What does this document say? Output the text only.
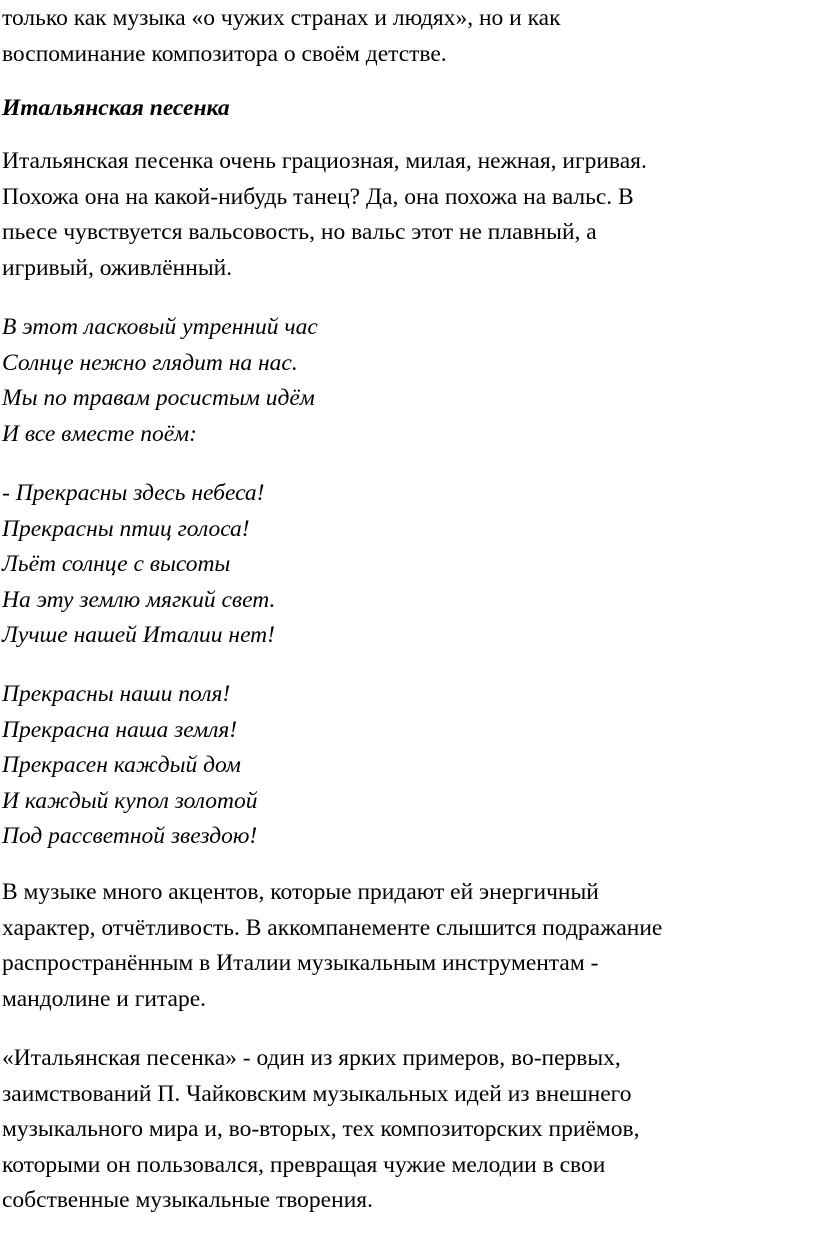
только как музыка «о чужих странах и людях», но и как
воспоминание композитора о своём детстве.

Итальянская песенка

Итальянская песенка очень грациозная, милая, нежная, игривая.
Похожа она на какой-нибудь танец? Да, она похожа на вальс. В
пьесе чувствуется вальсовость, но вальс этот не плавный, а
игривый, оживлённый.

В этот ласковый утренний час
Солнце нежно глядит на нас.
Мы по травам росистым идём
И все вместе поём:

- Прекрасны здесь небеса!
Прекрасны птиц голоса!
Льёт солнце с высоты
На эту землю мягкий свет.
Лучше нашей Италии нет!

Прекрасны наши поля!
Прекрасна наша земля!
Прекрасен каждый дом
И каждый купол золотой
Под рассветной звездою!

В музыке много акцентов, которые придают ей энергичный
характер, отчётливость. В аккомпанементе слышится подражание
распространённым в Италии музыкальным инструментам -
мандолине и гитаре.

«Итальянская песенка» - один из ярких примеров, во-первых,
заимствований П. Чайковским музыкальных идей из внешнего
музыкального мира и, во-вторых, тех композиторских приёмов,
которыми он пользовался, превращая чужие мелодии в свои
собственные музыкальные творения.
